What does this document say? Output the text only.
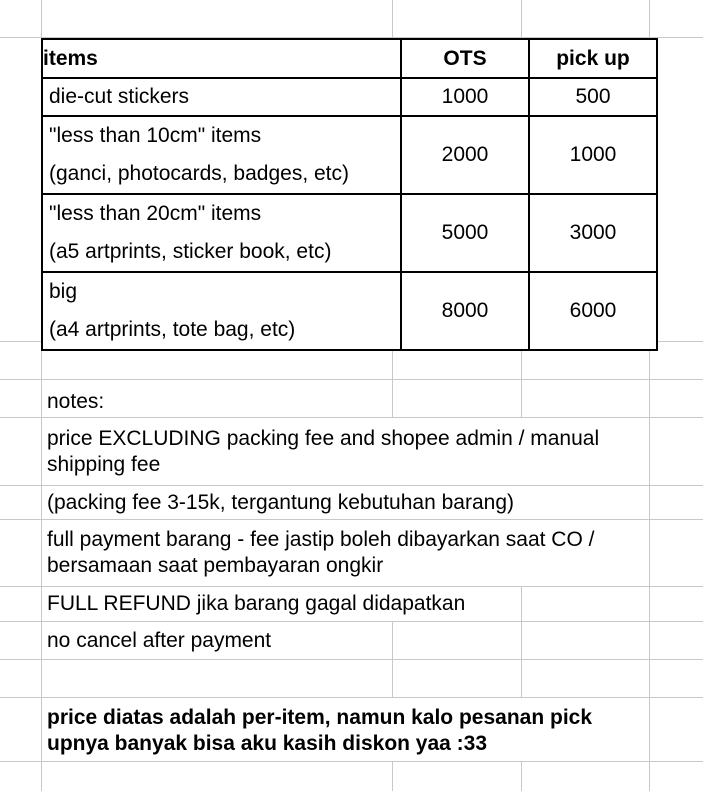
items	OTS	pick up
die-cut stickers	1000	500

"less than 10cm" items
(ganci, photocards, badges, etc)	2000	1000

"less than 20cm" items
(a5 artprints, sticker book, etc)	5000	3000

big
(a4 artprints, tote bag, etc)	8000	6000
notes:
price EXCLUDING packing fee and shopee admin / manual shipping fee
(packing fee 3-15k, tergantung kebutuhan barang)
full payment barang - fee jastip boleh dibayarkan saat CO / bersamaan saat pembayaran ongkir
FULL REFUND jika barang gagal didapatkan
no cancel after payment
price diatas adalah per-item, namun kalo pesanan pick upnya banyak bisa aku kasih diskon yaa :33
